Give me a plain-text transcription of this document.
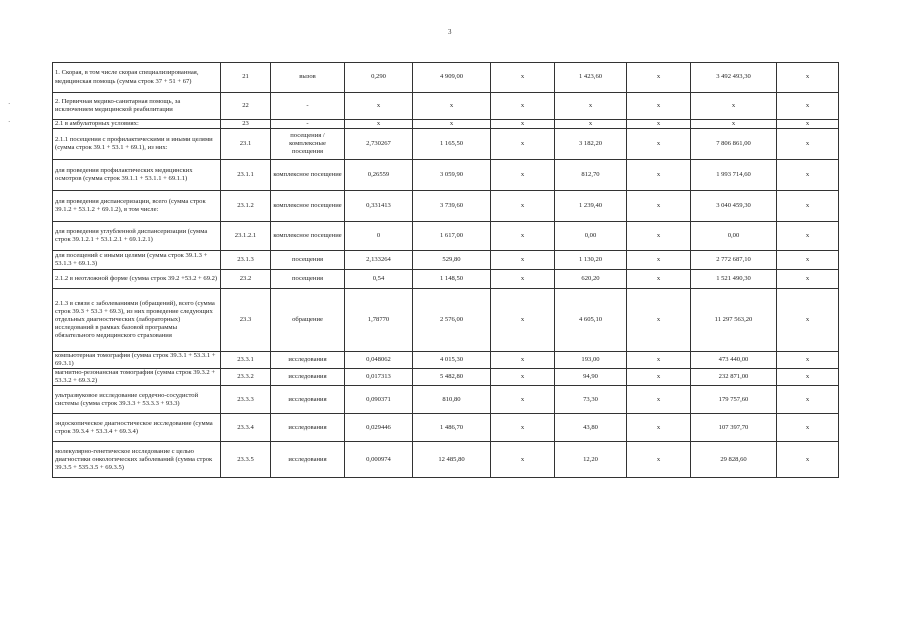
3
·
·
1. Скорая, в том числе скорая специализированная, медицинская помощь (сумма строк 37 + 51 + 67)	21	вызов	0,290	4 909,00	х	1 423,60	х	3 492 493,30	х
2. Первичная медико-санитарная помощь, за исключением медицинской реабилитации	22	-	х	х	х	х	х	х	х
2.1 в амбулаторных условиях:	23	-	х	х	х	х	х	х	х
2.1.1 посещения с профилактическими и иными целями (сумма строк 39.1 + 53.1 + 69.1), из них:	23.1	посещения / комплексные посещения	2,730267	1 165,50	х	3 182,20	х	7 806 861,00	х
для проведения профилактических медицинских осмотров (сумма строк 39.1.1 + 53.1.1 + 69.1.1)	23.1.1	комплексное посещение	0,26559	3 059,90	х	812,70	х	1 993 714,60	х
для проведения диспансеризации, всего (сумма строк 39.1.2 + 53.1.2 + 69.1.2), в том числе:	23.1.2	комплексное посещение	0,331413	3 739,60	х	1 239,40	х	3 040 459,30	х
для проведения углубленной диспансеризации (сумма строк 39.1.2.1 + 53.1.2.1 + 69.1.2.1)	23.1.2.1	комплексное посещение	0	1 617,00	х	0,00	х	0,00	х
для посещений с иными целями (сумма строк 39.1.3 + 53.1.3 + 69.1.3)	23.1.3	посещения	2,133264	529,80	х	1 130,20	х	2 772 687,10	х
2.1.2 в неотложной форме (сумма строк 39.2 +53.2 + 69.2)	23.2	посещения	0,54	1 148,50	х	620,20	х	1 521 490,30	х
2.1.3 в связи с заболеваниями (обращений), всего (сумма строк 39.3 + 53.3 + 69.3), из них проведение следующих отдельных диагностических (лабораторных) исследований в рамках базовой программы обязательного медицинского страхования	23.3	обращение	1,78770	2 576,00	х	4 605,10	х	11 297 563,20	х
компьютерная томография (сумма строк 39.3.1 + 53.3.1 + 69.3.1)	23.3.1	исследования	0,048062	4 015,30	х	193,00	х	473 440,00	х
магнитно-резонансная томография (сумма строк 39.3.2 + 53.3.2 + 69.3.2)	23.3.2	исследования	0,017313	5 482,80	х	94,90	х	232 871,00	х
ультразвуковое исследование сердечно-сосудистой системы (сумма строк 39.3.3 + 53.3.3 + 93.3)	23.3.3	исследования	0,090371	810,80	х	73,30	х	179 757,60	х
эндоскопическое диагностическое исследование (сумма строк 39.3.4 + 53.3.4 + 69.3.4)	23.3.4	исследования	0,029446	1 486,70	х	43,80	х	107 397,70	х
молекулярно-генетическое исследование с целью диагностики онкологических заболеваний (сумма строк 39.3.5 + 535.3.5 + 69.3.5)	23.3.5	исследования	0,000974	12 485,80	х	12,20	х	29 828,60	х
